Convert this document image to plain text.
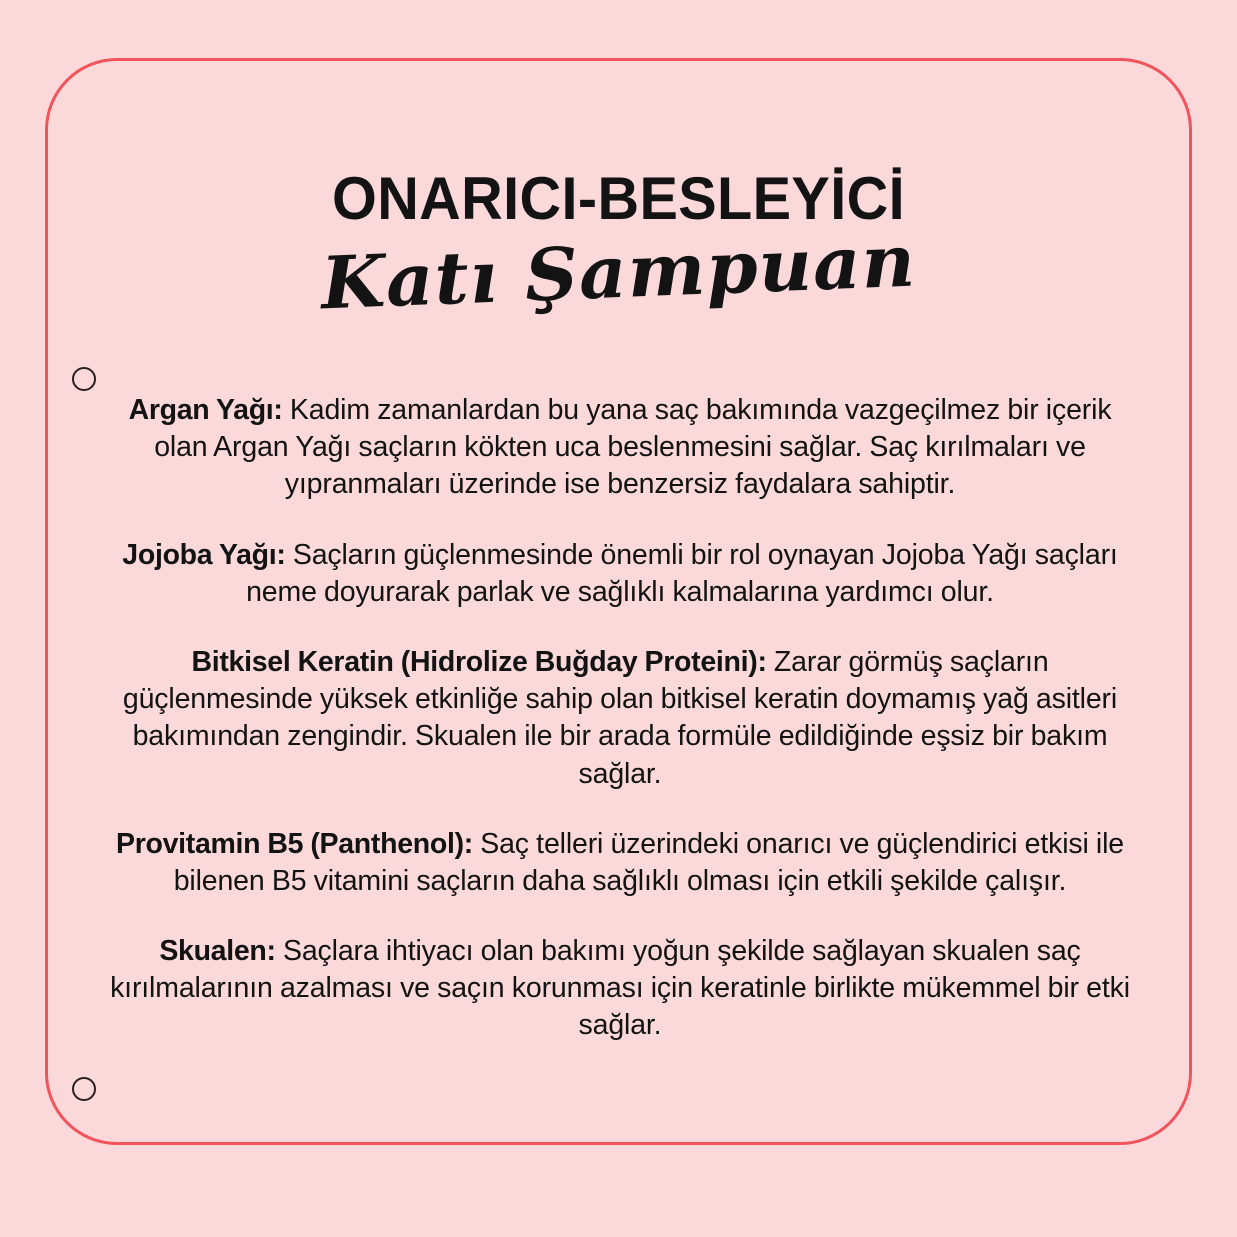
ONARICI-BESLEYİCİ
Katı Şampuan

Argan Yağı: Kadim zamanlardan bu yana saç bakımında vazgeçilmez bir içerik olan Argan Yağı saçların kökten uca beslenmesini sağlar. Saç kırılmaları ve yıpranmaları üzerinde ise benzersiz faydalara sahiptir.

Jojoba Yağı: Saçların güçlenmesinde önemli bir rol oynayan Jojoba Yağı saçları neme doyurarak parlak ve sağlıklı kalmalarına yardımcı olur.

Bitkisel Keratin (Hidrolize Buğday Proteini): Zarar görmüş saçların güçlenmesinde yüksek etkinliğe sahip olan bitkisel keratin doymamış yağ asitleri bakımından zengindir. Skualen ile bir arada formüle edildiğinde eşsiz bir bakım sağlar.

Provitamin B5 (Panthenol): Saç telleri üzerindeki onarıcı ve güçlendirici etkisi ile bilenen B5 vitamini saçların daha sağlıklı olması için etkili şekilde çalışır.

Skualen: Saçlara ihtiyacı olan bakımı yoğun şekilde sağlayan skualen saç kırılmalarının azalması ve saçın korunması için keratinle birlikte mükemmel bir etki sağlar.
